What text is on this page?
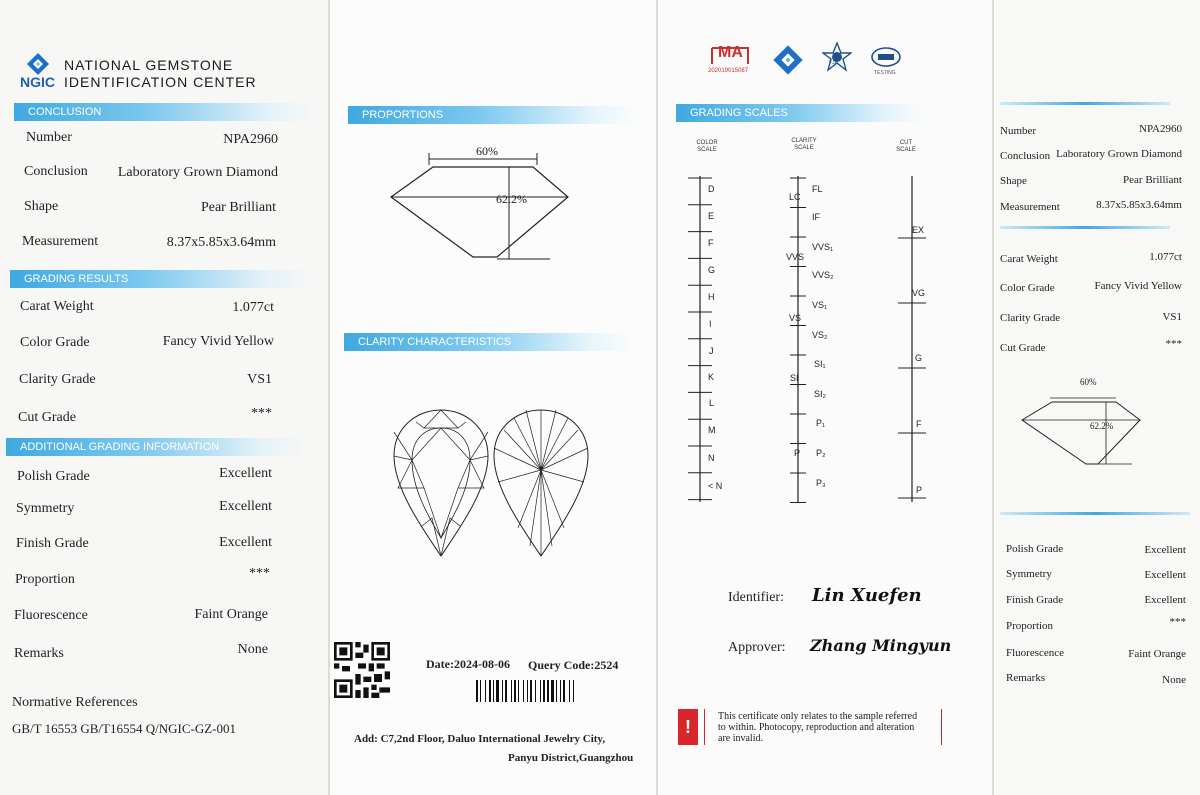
NGIC
NATIONAL GEMSTONE
IDENTIFICATION CENTER
CONCLUSION
Number	NPA2960
Conclusion Laboratory Grown Diamond
Shape	Pear Brilliant
Measurement	8.37x5.85x3.64mm
GRADING RESULTS
Carat Weight	1.077ct
Color Grade	Fancy Vivid Yellow
Clarity Grade	VS1
Cut Grade	***
ADDITIONAL GRADING INFORMATION
Polish Grade	Excellent
Symmetry	Excellent
Finish Grade	Excellent
Proportion	***
Fluorescence	Faint Orange
Remarks	None
Normative References
GB/T 16553 GB/T16554 Q/NGIC-GZ-001
PROPORTIONS
60%
62.2%
CLARITY CHARACTERISTICS
Date:2024-08-06 Query Code:2524
Add: C7,2nd Floor, Daluo International Jewelry City,
Panyu District,Guangzhou
MA
202019015087
FJA
TESTING
GRADING SCALES
COLOR
SCALE
CLARITY
SCALE
CUT
SCALE
D
E
F
G
H
I
J
K
L
M
N
< N
LC
VVS
VS
SI
P
FL
IF
VVS₁
VVS₂
VS₁
VS₂
SI₁
SI₂
P₁
P₂
P₃
EX
VG
G
F
P
Identifier: Lin Xuefen
Approver: Zhang Mingyun
!
This certificate only relates to the sample referred
to within. Photocopy, reproduction and alteration
are invalid.
Number	NPA2960
Conclusion Laboratory Grown Diamond
Shape	Pear Brilliant
Measurement	8.37x5.85x3.64mm
Carat Weight	1.077ct
Color Grade	Fancy Vivid Yellow
Clarity Grade	VS1
Cut Grade	***
60%
62.2%
Polish Grade	Excellent
Symmetry	Excellent
Finish Grade	Excellent
Proportion	***
Fluorescence	Faint Orange
Remarks	None
